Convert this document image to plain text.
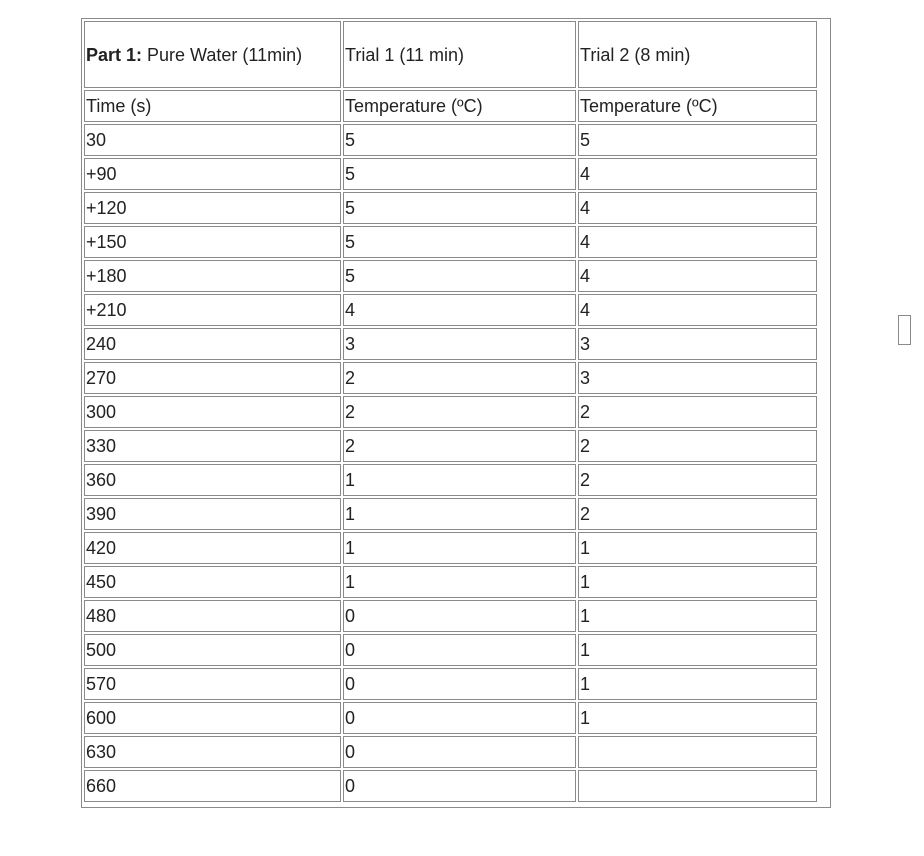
Part 1: Pure Water (11min)	Trial 1 (11 min)	Trial 2 (8 min)
Time (s)	Temperature (ºC)	Temperature (ºC)
30	5	5
+90	5	4
+120	5	4
+150	5	4
+180	5	4
+210	4	4
240	3	3
270	2	3
300	2	2
330	2	2
360	1	2
390	1	2
420	1	1
450	1	1
480	0	1
500	0	1
570	0	1
600	0	1
630	0	
660	0	
